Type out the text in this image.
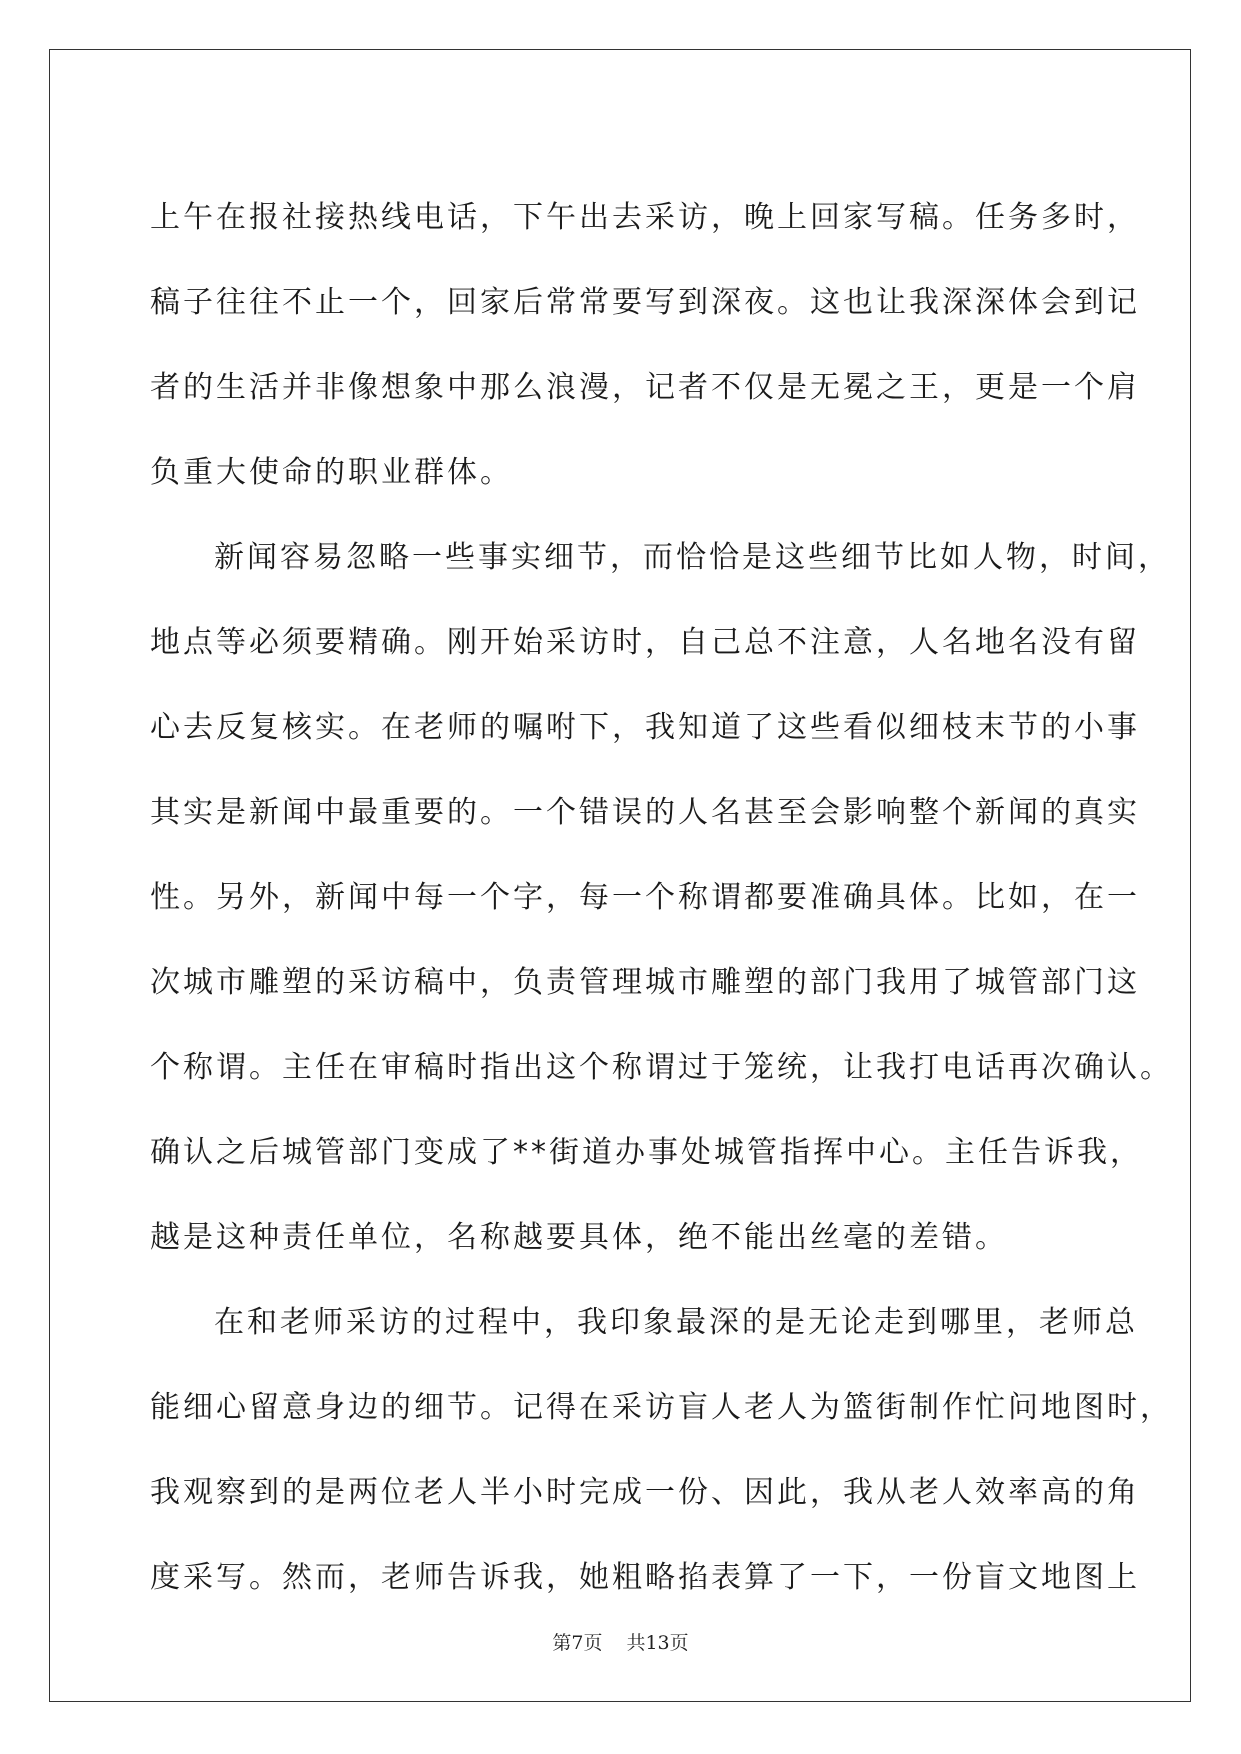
上午在报社接热线电话，下午出去采访，晚上回家写稿。任务多时，

稿子往往不止一个，回家后常常要写到深夜。这也让我深深体会到记

者的生活并非像想象中那么浪漫，记者不仅是无冕之王，更是一个肩

负重大使命的职业群体。

新闻容易忽略一些事实细节，而恰恰是这些细节比如人物，时间，

地点等必须要精确。刚开始采访时，自己总不注意，人名地名没有留

心去反复核实。在老师的嘱咐下，我知道了这些看似细枝末节的小事

其实是新闻中最重要的。一个错误的人名甚至会影响整个新闻的真实

性。另外，新闻中每一个字，每一个称谓都要准确具体。比如，在一

次城市雕塑的采访稿中，负责管理城市雕塑的部门我用了城管部门这

个称谓。主任在审稿时指出这个称谓过于笼统，让我打电话再次确认。

确认之后城管部门变成了**街道办事处城管指挥中心。主任告诉我，

越是这种责任单位，名称越要具体，绝不能出丝毫的差错。

在和老师采访的过程中，我印象最深的是无论走到哪里，老师总

能细心留意身边的细节。记得在采访盲人老人为篮街制作忙问地图时，

我观察到的是两位老人半小时完成一份、因此，我从老人效率高的角

度采写。然而，老师告诉我，她粗略掐表算了一下，一份盲文地图上

第7页 共13页
